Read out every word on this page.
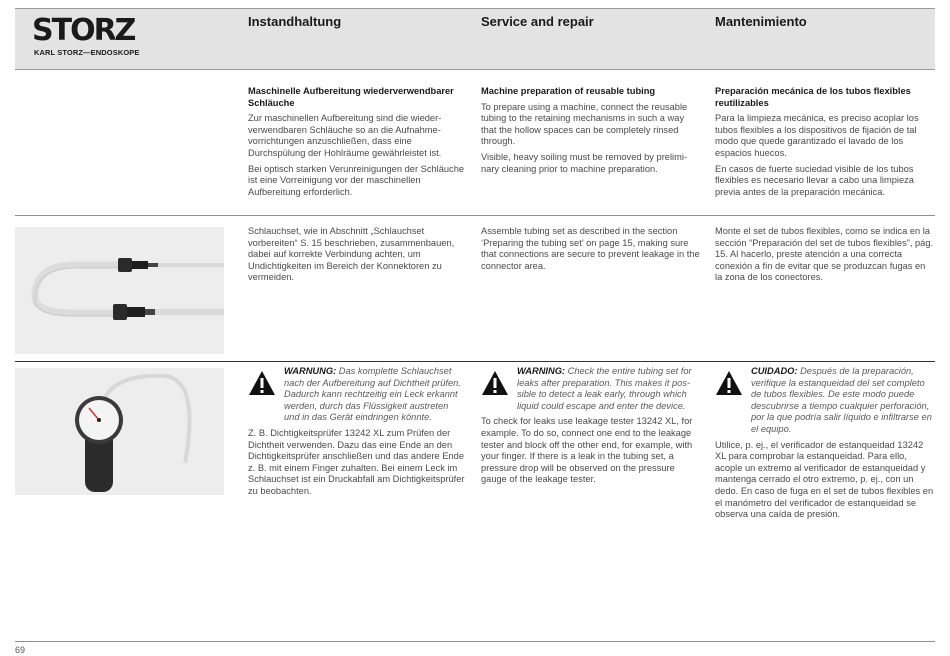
STORZ
KARL STORZ—ENDOSKOPE
Instandhaltung	Service and repair	Mantenimiento
Maschinelle Aufbereitung wiederverwendbarer Schläuche
Zur maschinellen Aufbereitung sind die wiederverwendbaren Schläuche so an die Aufnahmevorrichtungen anzuschließen, dass eine Durchspülung der Hohlräume gewährleistet ist.
Bei optisch starken Verunreinigungen der Schläuche ist eine Vorreinigung vor der maschinellen Aufbereitung erforderlich.
Machine preparation of reusable tubing
To prepare using a machine, connect the reusable tubing to the retaining mechanisms in such a way that the hollow spaces can be completely rinsed through.
Visible, heavy soiling must be removed by preliminary cleaning prior to machine preparation.
Preparación mecánica de los tubos flexibles reutilizables
Para la limpieza mecánica, es preciso acoplar los tubos flexibles a los dispositivos de fijación de tal modo que quede garantizado el lavado de los espacios huecos.
En casos de fuerte suciedad visible de los tubos flexibles es necesario llevar a cabo una limpieza previa antes de la preparación mecánica.
Schlauchset, wie in Abschnitt „Schlauchset vorbereiten“ S. 15 beschrieben, zusammenbauen, dabei auf korrekte Verbindung achten, um Undichtigkeiten im Bereich der Konnektoren zu vermeiden.
Assemble tubing set as described in the section ‘Preparing the tubing set’ on page 15, making sure that connections are secure to prevent leakage in the connector area.
Monte el set de tubos flexibles, como se indica en la sección “Preparación del set de tubos flexibles”, pág. 15. Al hacerlo, preste atención a una correcta conexión a fin de evitar que se produzcan fugas en la zona de los conectores.
WARNUNG: Das komplette Schlauchset nach der Aufbereitung auf Dichtheit prüfen. Dadurch kann rechtzeitig ein Leck erkannt werden, durch das Flüssigkeit austreten und in das Gerät eindringen könnte.
Z. B. Dichtigkeitsprüfer 13242 XL zum Prüfen der Dichtheit verwenden. Dazu das eine Ende an den Dichtigkeitsprüfer anschließen und das andere Ende z. B. mit einem Finger zuhalten. Bei einem Leck im Schlauchset ist ein Druckabfall am Dichtigkeitsprüfer zu beobachten.
WARNING: Check the entire tubing set for leaks after preparation. This makes it possible to detect a leak early, through which liquid could escape and enter the device.
To check for leaks use leakage tester 13242 XL, for example. To do so, connect one end to the leakage tester and block off the other end, for example, with your finger. If there is a leak in the tubing set, a pressure drop will be observed on the pressure gauge of the leakage tester.
CUIDADO: Después de la preparación, verifique la estanqueidad del set completo de tubos flexibles. De este modo puede descubrirse a tiempo cualquier perforación, por la que podría salir líquido e infiltrarse en el equipo.
Utilice, p. ej., el verificador de estanqueidad 13242 XL para comprobar la estanqueidad. Para ello, acople un extremo al verificador de estanqueidad y mantenga cerrado el otro extremo, p. ej., con un dedo. En caso de fuga en el set de tubos flexibles en el manómetro del verificador de estanqueidad se observa una caída de presión.
69
